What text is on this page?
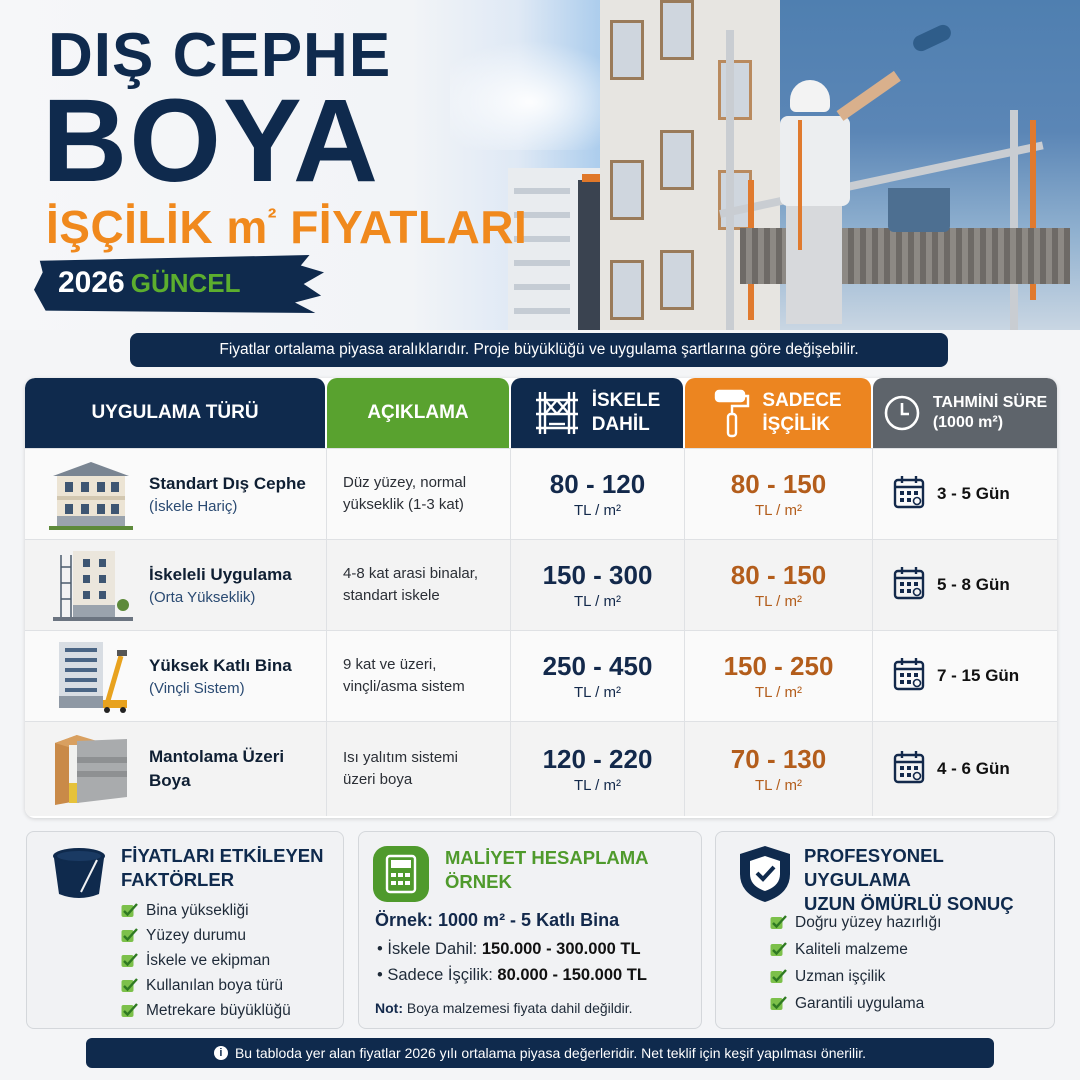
DIŞ CEPHE
BOYA
İŞÇİLİK $m^{^2}$ FİYATLARI
2026 GÜNCEL
Fiyatlar ortalama piyasa aralıklarıdır. Proje büyüklüğü ve uygulama şartlarına göre değişebilir.
UYGULAMA TÜRÜ	AÇIKLAMA
İSKELE
DAHİL
SADECE
İŞÇİLİK
TAHMİNİ SÜRE
(1000 m²)
Standart Dış Cephe
(İskele Hariç)
Düz yüzey, normal
yükseklik (1-3 kat)
80 - 120
TL / m²
80 - 150
TL / m²
3 - 5 Gün
İskeleli Uygulama
(Orta Yükseklik)
4-8 kat arasi binalar,
standart iskele
150 - 300
TL / m²
80 - 150
TL / m²
5 - 8 Gün
Yüksek Katlı Bina
(Vinçli Sistem)
9 kat ve üzeri,
vinçli/asma sistem
250 - 450
TL / m²
150 - 250
TL / m²
7 - 15 Gün
Mantolama Üzeri
Boya
Isı yalıtım sistemi
üzeri boya
120 - 220
TL / m²
70 - 130
TL / m²
4 - 6 Gün
FİYATLARI ETKİLEYEN
FAKTÖRLER
Bina yüksekliği
Yüzey durumu
İskele ve ekipman
Kullanılan boya türü
Metrekare büyüklüğü
MALİYET HESAPLAMA
ÖRNEK
Örnek: 1000 m² - 5 Katlı Bina
• İskele Dahil: 150.000 - 300.000 TL
• Sadece İşçilik: 80.000 - 150.000 TL
Not: Boya malzemesi fiyata dahil değildir.
PROFESYONEL UYGULAMA
UZUN ÖMÜRLÜ SONUÇ
Doğru yüzey hazırlığı
Kaliteli malzeme
Uzman işçilik
Garantili uygulama
i Bu tabloda yer alan fiyatlar 2026 yılı ortalama piyasa değerleridir. Net teklif için keşif yapılması önerilir.
